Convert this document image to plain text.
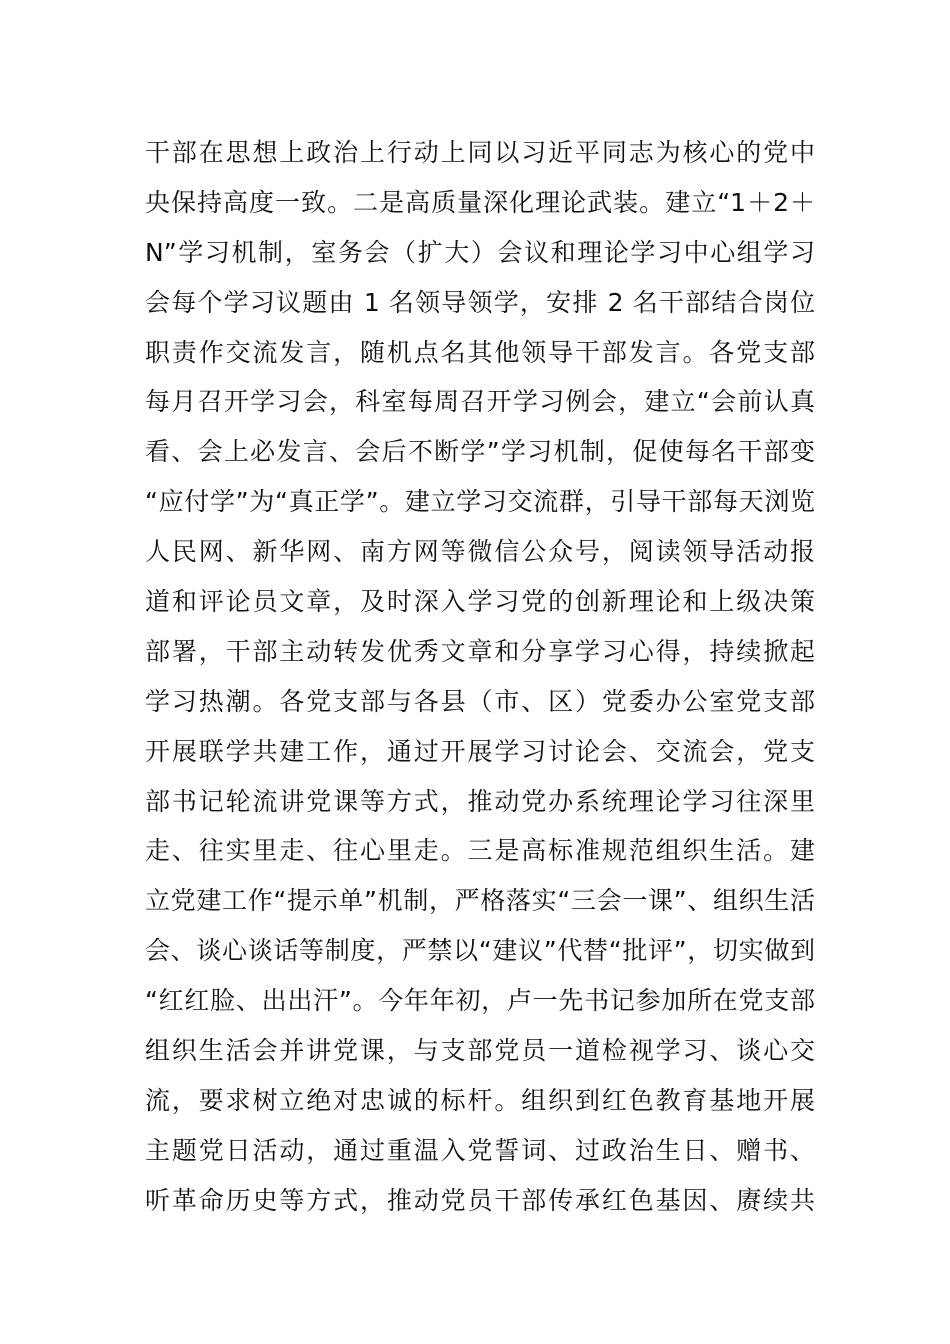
干部在思想上政治上行动上同以习近平同志为核心的党中
央保持高度一致。二是高质量深化理论武装。建立“1＋2＋
N”学习机制，室务会（扩大）会议和理论学习中心组学习
会每个学习议题由 1 名领导领学，安排 2 名干部结合岗位
职责作交流发言，随机点名其他领导干部发言。各党支部
每月召开学习会，科室每周召开学习例会，建立“会前认真
看、会上必发言、会后不断学”学习机制，促使每名干部变
“应付学”为“真正学”。建立学习交流群，引导干部每天浏览
人民网、新华网、南方网等微信公众号，阅读领导活动报
道和评论员文章，及时深入学习党的创新理论和上级决策
部署，干部主动转发优秀文章和分享学习心得，持续掀起
学习热潮。各党支部与各县（市、区）党委办公室党支部
开展联学共建工作，通过开展学习讨论会、交流会，党支
部书记轮流讲党课等方式，推动党办系统理论学习往深里
走、往实里走、往心里走。三是高标准规范组织生活。建
立党建工作“提示单”机制，严格落实“三会一课”、组织生活
会、谈心谈话等制度，严禁以“建议”代替“批评”，切实做到
“红红脸、出出汗”。今年年初，卢一先书记参加所在党支部
组织生活会并讲党课，与支部党员一道检视学习、谈心交
流，要求树立绝对忠诚的标杆。组织到红色教育基地开展
主题党日活动，通过重温入党誓词、过政治生日、赠书、
听革命历史等方式，推动党员干部传承红色基因、赓续共
